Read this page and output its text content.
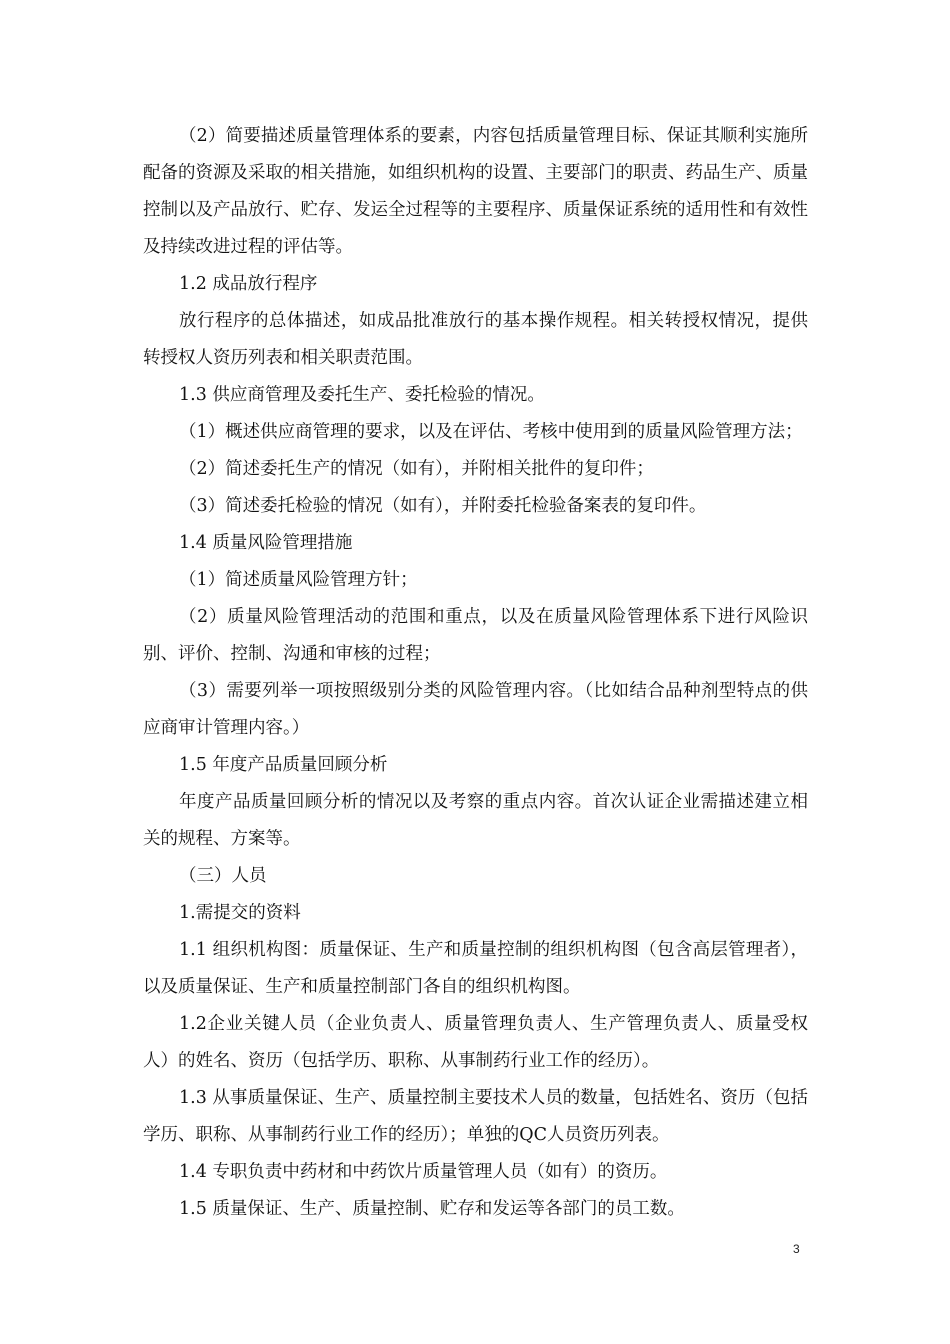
（2）简要描述质量管理体系的要素，内容包括质量管理目标、保证其顺利实施所配备的资源及采取的相关措施，如组织机构的设置、主要部门的职责、药品生产、质量控制以及产品放行、贮存、发运全过程等的主要程序、质量保证系统的适用性和有效性及持续改进过程的评估等。

1.2 成品放行程序

放行程序的总体描述，如成品批准放行的基本操作规程。相关转授权情况，提供转授权人资历列表和相关职责范围。

1.3 供应商管理及委托生产、委托检验的情况。

（1）概述供应商管理的要求，以及在评估、考核中使用到的质量风险管理方法；

（2）简述委托生产的情况（如有），并附相关批件的复印件；

（3）简述委托检验的情况（如有），并附委托检验备案表的复印件。

1.4 质量风险管理措施

（1）简述质量风险管理方针；

（2）质量风险管理活动的范围和重点，以及在质量风险管理体系下进行风险识别、评价、控制、沟通和审核的过程；

（3）需要列举一项按照级别分类的风险管理内容。（比如结合品种剂型特点的供应商审计管理内容。）

1.5 年度产品质量回顾分析

年度产品质量回顾分析的情况以及考察的重点内容。首次认证企业需描述建立相关的规程、方案等。

（三）人员

1.需提交的资料

1.1 组织机构图：质量保证、生产和质量控制的组织机构图（包含高层管理者），以及质量保证、生产和质量控制部门各自的组织机构图。

1.2企业关键人员（企业负责人、质量管理负责人、生产管理负责人、质量受权人）的姓名、资历（包括学历、职称、从事制药行业工作的经历）。

1.3 从事质量保证、生产、质量控制主要技术人员的数量，包括姓名、资历（包括学历、职称、从事制药行业工作的经历）；单独的QC人员资历列表。

1.4 专职负责中药材和中药饮片质量管理人员（如有）的资历。

1.5 质量保证、生产、质量控制、贮存和发运等各部门的员工数。

3
